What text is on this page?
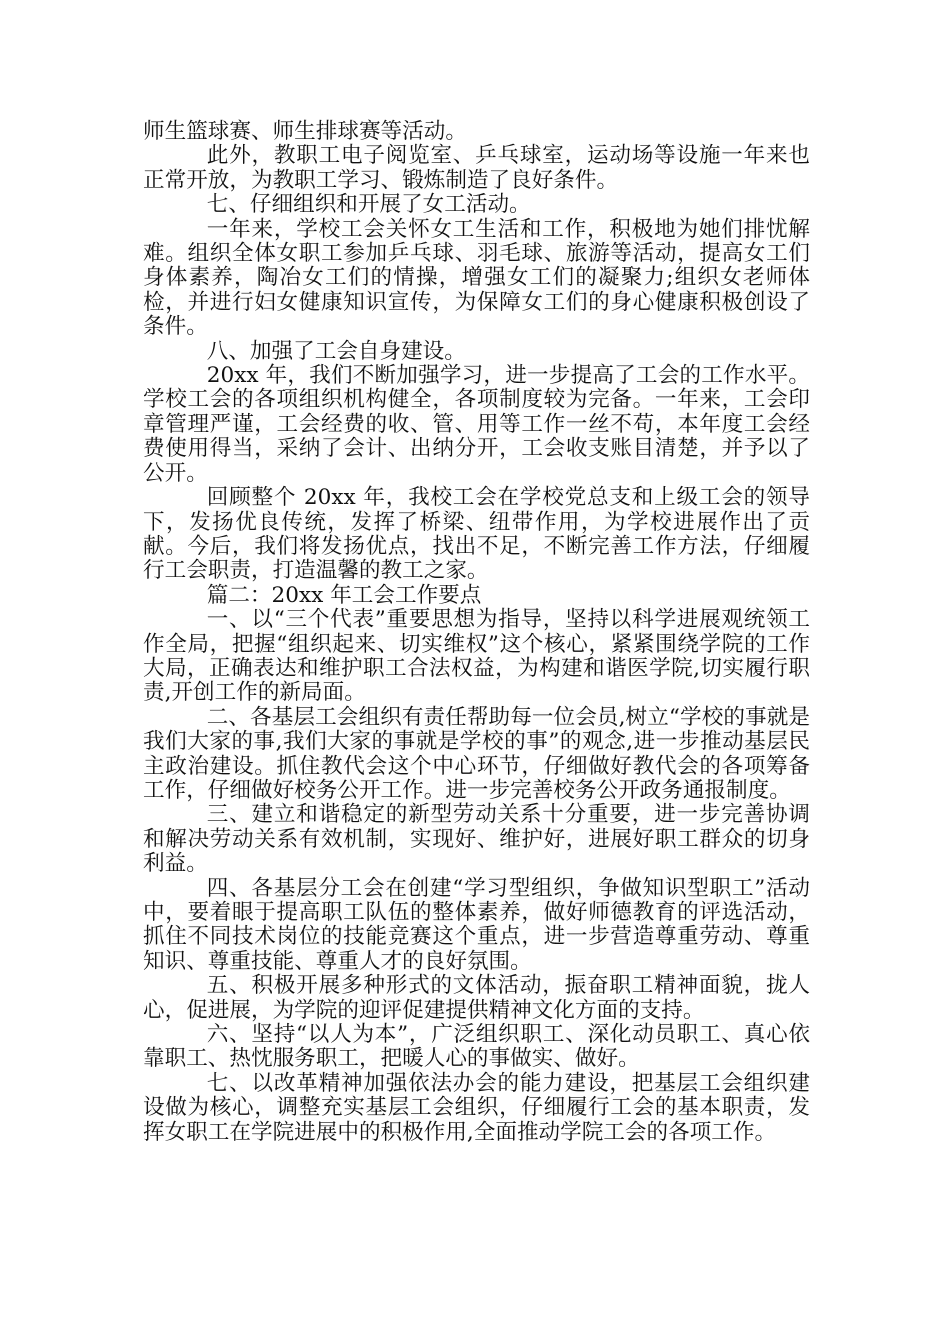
师生篮球赛、师生排球赛等活动。

此外，教职工电子阅览室、乒乓球室，运动场等设施一年来也正常开放，为教职工学习、锻炼制造了良好条件。

七、仔细组织和开展了女工活动。

一年来，学校工会关怀女工生活和工作，积极地为她们排忧解难。组织全体女职工参加乒乓球、羽毛球、旅游等活动，提高女工们身体素养，陶冶女工们的情操，增强女工们的凝聚力;组织女老师体检，并进行妇女健康知识宣传，为保障女工们的身心健康积极创设了条件。

八、加强了工会自身建设。

20xx 年，我们不断加强学习，进一步提高了工会的工作水平。学校工会的各项组织机构健全，各项制度较为完备。一年来，工会印章管理严谨，工会经费的收、管、用等工作一丝不苟，本年度工会经费使用得当，采纳了会计、出纳分开，工会收支账目清楚，并予以了公开。

回顾整个 20xx 年，我校工会在学校党总支和上级工会的领导下，发扬优良传统，发挥了桥梁、纽带作用，为学校进展作出了贡献。今后，我们将发扬优点，找出不足，不断完善工作方法，仔细履行工会职责，打造温馨的教工之家。

篇二：20xx 年工会工作要点

一、以“三个代表”重要思想为指导，坚持以科学进展观统领工作全局，把握“组织起来、切实维权”这个核心，紧紧围绕学院的工作大局，正确表达和维护职工合法权益，为构建和谐医学院,切实履行职责,开创工作的新局面。

二、各基层工会组织有责任帮助每一位会员,树立“学校的事就是我们大家的事,我们大家的事就是学校的事”的观念,进一步推动基层民主政治建设。抓住教代会这个中心环节，仔细做好教代会的各项筹备工作，仔细做好校务公开工作。进一步完善校务公开政务通报制度。

三、建立和谐稳定的新型劳动关系十分重要，进一步完善协调和解决劳动关系有效机制，实现好、维护好，进展好职工群众的切身利益。

四、各基层分工会在创建“学习型组织，争做知识型职工”活动中，要着眼于提高职工队伍的整体素养，做好师德教育的评选活动，抓住不同技术岗位的技能竞赛这个重点，进一步营造尊重劳动、尊重知识、尊重技能、尊重人才的良好氛围。

五、积极开展多种形式的文体活动，振奋职工精神面貌，拢人心，促进展，为学院的迎评促建提供精神文化方面的支持。

六、坚持“以人为本”，广泛组织职工、深化动员职工、真心依靠职工、热忱服务职工，把暖人心的事做实、做好。

七、以改革精神加强依法办会的能力建设，把基层工会组织建设做为核心，调整充实基层工会组织，仔细履行工会的基本职责，发挥女职工在学院进展中的积极作用,全面推动学院工会的各项工作。
